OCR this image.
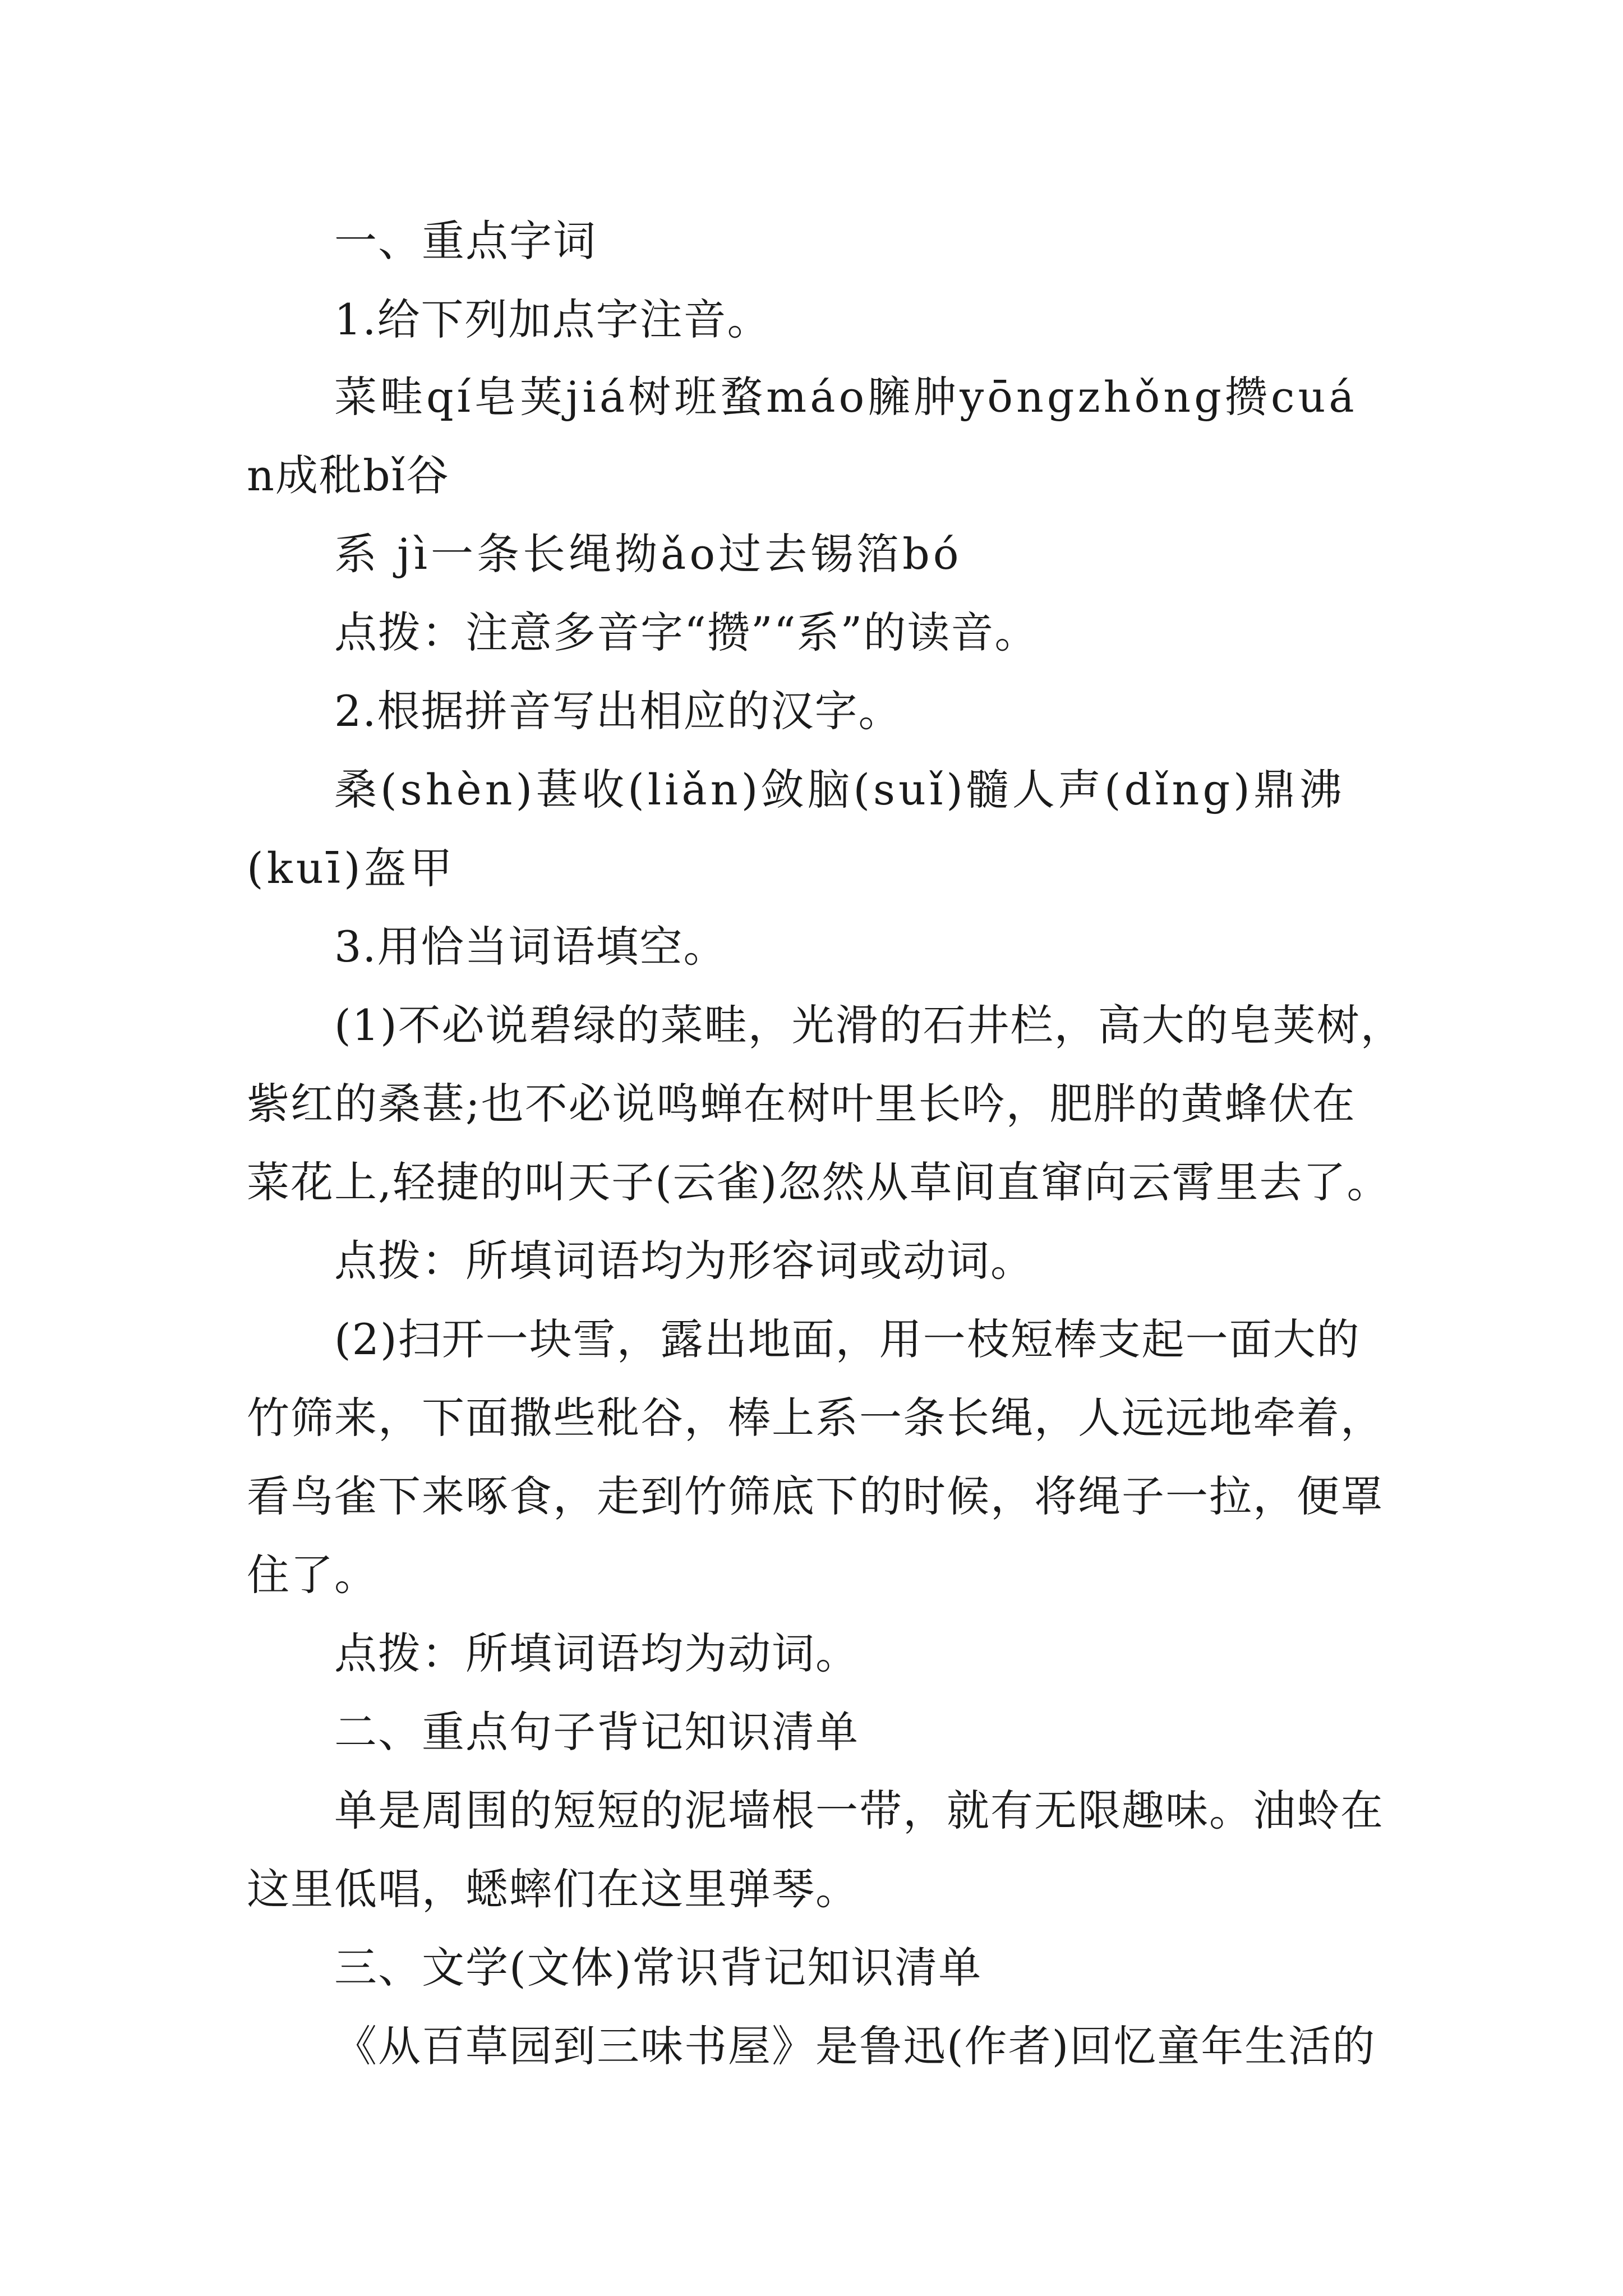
一、重点字词
1.给下列加点字注音。
菜畦qí皂荚jiá树班蝥máo臃肿yōngzhǒng攒cuá
n成秕bǐ谷
系 jì一条长绳拗ǎo过去锡箔bó
点拨：注意多音字“攒”“系”的读音。
2.根据拼音写出相应的汉字。
桑(shèn)葚收(liǎn)敛脑(suǐ)髓人声(dǐng)鼎沸
(kuī)盔甲
3.用恰当词语填空。
(1)不必说碧绿的菜畦，光滑的石井栏，高大的皂荚树，
紫红的桑葚;也不必说鸣蝉在树叶里长吟，肥胖的黄蜂伏在
菜花上,轻捷的叫天子(云雀)忽然从草间直窜向云霄里去了。
点拨：所填词语均为形容词或动词。
(2)扫开一块雪，露出地面，用一枝短棒支起一面大的
竹筛来，下面撒些秕谷，棒上系一条长绳，人远远地牵着，
看鸟雀下来啄食，走到竹筛底下的时候，将绳子一拉，便罩
住了。
点拨：所填词语均为动词。
二、重点句子背记知识清单
单是周围的短短的泥墙根一带，就有无限趣味。油蛉在
这里低唱，蟋蟀们在这里弹琴。
三、文学(文体)常识背记知识清单
《从百草园到三味书屋》是鲁迅(作者)回忆童年生活的
